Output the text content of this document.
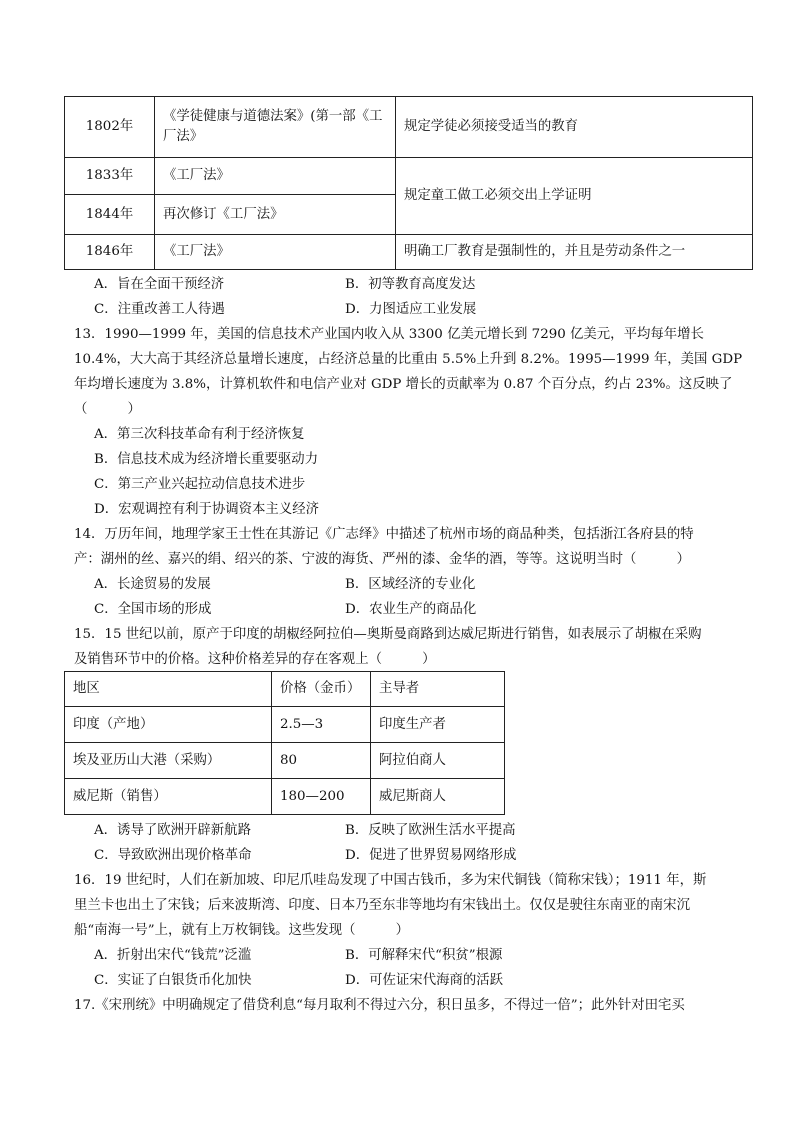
1802年	《学徒健康与道德法案》(第一部《工
厂法》	规定学徒必须接受适当的教育
1833年	《工厂法》	规定童工做工必须交出上学证明
1844年	再次修订《工厂法》	
1846年	《工厂法》	明确工厂教育是强制性的，并且是劳动条件之一
A．旨在全面干预经济	B．初等教育高度发达
C．注重改善工人待遇	D．力图适应工业发展
13．1990—1999 年，美国的信息技术产业国内收入从 3300 亿美元增长到 7290 亿美元，平均每年增长
10.4%，大大高于其经济总量增长速度，占经济总量的比重由 5.5%上升到 8.2%。1995—1999 年，美国 GDP
年均增长速度为 3.8%，计算机软件和电信产业对 GDP 增长的贡献率为 0.87 个百分点，约占 23%。这反映了
（　　　）
A．第三次科技革命有利于经济恢复
B．信息技术成为经济增长重要驱动力
C．第三产业兴起拉动信息技术进步
D．宏观调控有利于协调资本主义经济
14．万历年间，地理学家王士性在其游记《广志绎》中描述了杭州市场的商品种类，包括浙江各府县的特
产：湖州的丝、嘉兴的绢、绍兴的茶、宁波的海货、严州的漆、金华的酒，等等。这说明当时（　　　）
A．长途贸易的发展	B．区域经济的专业化
C．全国市场的形成	D．农业生产的商品化
15．15 世纪以前，原产于印度的胡椒经阿拉伯—奥斯曼商路到达威尼斯进行销售，如表展示了胡椒在采购
及销售环节中的价格。这种价格差异的存在客观上（　　　）
地区	价格（金币）	主导者
印度（产地）	2.5—3	印度生产者
埃及亚历山大港（采购）	80	阿拉伯商人
威尼斯（销售）	180—200	威尼斯商人
A．诱导了欧洲开辟新航路	B．反映了欧洲生活水平提高
C．导致欧洲出现价格革命	D．促进了世界贸易网络形成
16．19 世纪时，人们在新加坡、印尼爪哇岛发现了中国古钱币，多为宋代铜钱（简称宋钱）；1911 年，斯
里兰卡也出土了宋钱；后来波斯湾、印度、日本乃至东非等地均有宋钱出土。仅仅是驶往东南亚的南宋沉
船“南海一号”上，就有上万枚铜钱。这些发现（　　　）
A．折射出宋代“钱荒”泛滥	B．可解释宋代“积贫”根源
C．实证了白银货币化加快	D．可佐证宋代海商的活跃
17.《宋刑统》中明确规定了借贷利息“每月取利不得过六分，积日虽多，不得过一倍”；此外针对田宅买
